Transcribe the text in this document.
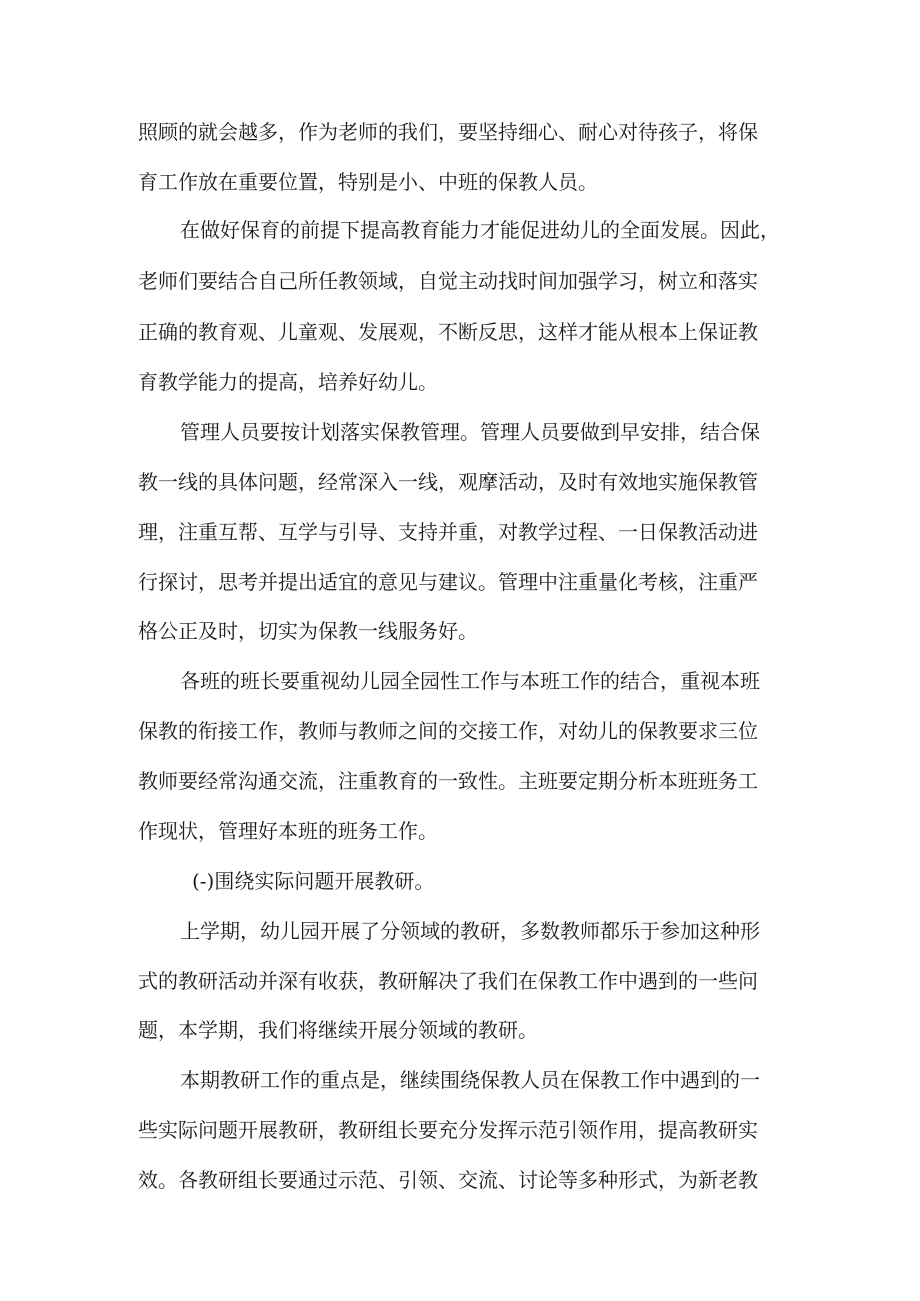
照顾的就会越多，作为老师的我们，要坚持细心、耐心对待孩子，将保
育工作放在重要位置，特别是小、中班的保教人员。
在做好保育的前提下提高教育能力才能促进幼儿的全面发展。因此，
老师们要结合自己所任教领域，自觉主动找时间加强学习，树立和落实
正确的教育观、儿童观、发展观，不断反思，这样才能从根本上保证教
育教学能力的提高，培养好幼儿。
管理人员要按计划落实保教管理。管理人员要做到早安排，结合保
教一线的具体问题，经常深入一线，观摩活动，及时有效地实施保教管
理，注重互帮、互学与引导、支持并重，对教学过程、一日保教活动进
行探讨，思考并提出适宜的意见与建议。管理中注重量化考核，注重严
格公正及时，切实为保教一线服务好。
各班的班长要重视幼儿园全园性工作与本班工作的结合，重视本班
保教的衔接工作，教师与教师之间的交接工作，对幼儿的保教要求三位
教师要经常沟通交流，注重教育的一致性。主班要定期分析本班班务工
作现状，管理好本班的班务工作。
(-)围绕实际问题开展教研。
上学期，幼儿园开展了分领域的教研，多数教师都乐于参加这种形
式的教研活动并深有收获，教研解决了我们在保教工作中遇到的一些问
题，本学期，我们将继续开展分领域的教研。
本期教研工作的重点是，继续围绕保教人员在保教工作中遇到的一
些实际问题开展教研，教研组长要充分发挥示范引领作用，提高教研实
效。各教研组长要通过示范、引领、交流、讨论等多种形式，为新老教
